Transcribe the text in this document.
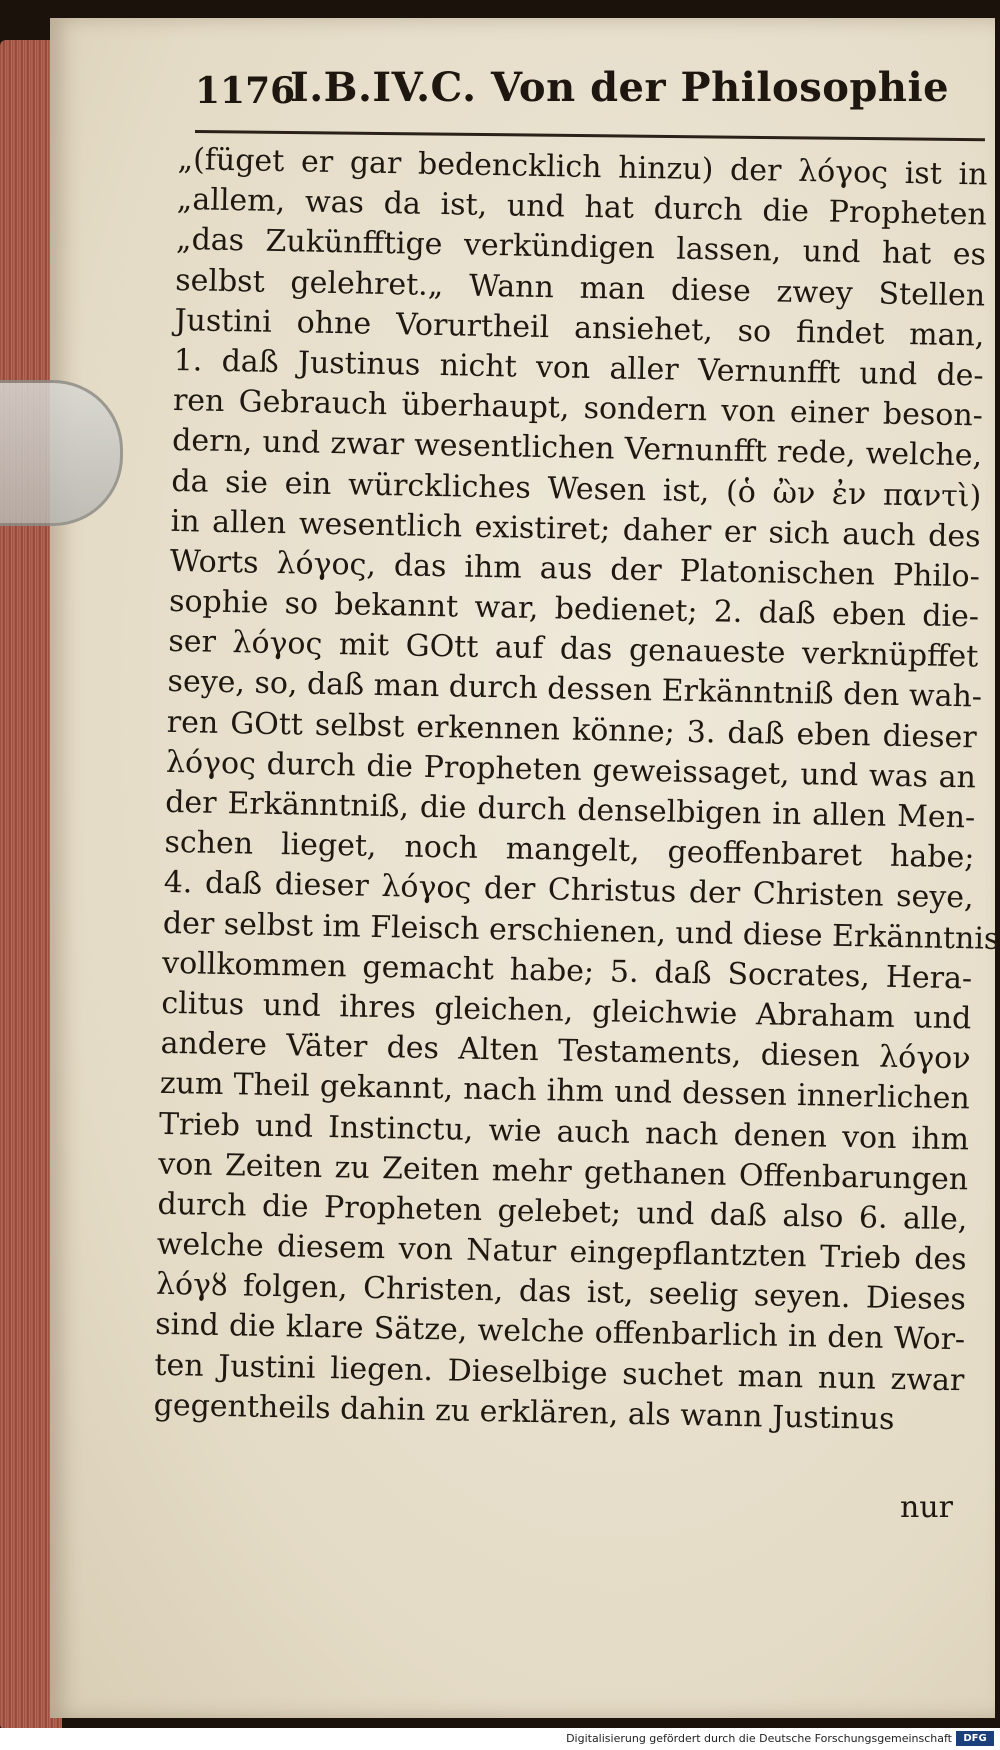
1176
I.B.IV.C. Von der Philosophie
„(füget er gar bedencklich hinzu) der λόγος ist in
„allem, was da ist, und hat durch die Propheten
„das Zukünfftige verkündigen lassen, und hat es
selbst gelehret.„ Wann man diese zwey Stellen
Justini ohne Vorurtheil ansiehet, so findet man,
1. daß Justinus nicht von aller Vernunfft und de-
ren Gebrauch überhaupt, sondern von einer beson-
dern, und zwar wesentlichen Vernunfft rede, welche,
da sie ein würckliches Wesen ist, (ὁ ὢν ἐν παντὶ)
in allen wesentlich existiret; daher er sich auch des
Worts λόγος, das ihm aus der Platonischen Philo-
sophie so bekannt war, bedienet; 2. daß eben die-
ser λόγος mit GOtt auf das genaueste verknüpffet
seye, so, daß man durch dessen Erkänntniß den wah-
ren GOtt selbst erkennen könne; 3. daß eben dieser
λόγος durch die Propheten geweissaget, und was an
der Erkänntniß, die durch denselbigen in allen Men-
schen lieget, noch mangelt, geoffenbaret habe;
4. daß dieser λόγος der Christus der Christen seye,
der selbst im Fleisch erschienen, und diese Erkänntnis
vollkommen gemacht habe; 5. daß Socrates, Hera-
clitus und ihres gleichen, gleichwie Abraham und
andere Väter des Alten Testaments, diesen λόγον
zum Theil gekannt, nach ihm und dessen innerlichen
Trieb und Instinctu, wie auch nach denen von ihm
von Zeiten zu Zeiten mehr gethanen Offenbarungen
durch die Propheten gelebet; und daß also 6. alle,
welche diesem von Natur eingepflantzten Trieb des
λόγȣ folgen, Christen, das ist, seelig seyen. Dieses
sind die klare Sätze, welche offenbarlich in den Wor-
ten Justini liegen. Dieselbige suchet man nun zwar
gegentheils dahin zu erklären, als wann Justinus
nur
Digitalisierung gefördert durch die Deutsche Forschungsgemeinschaft	DFG
